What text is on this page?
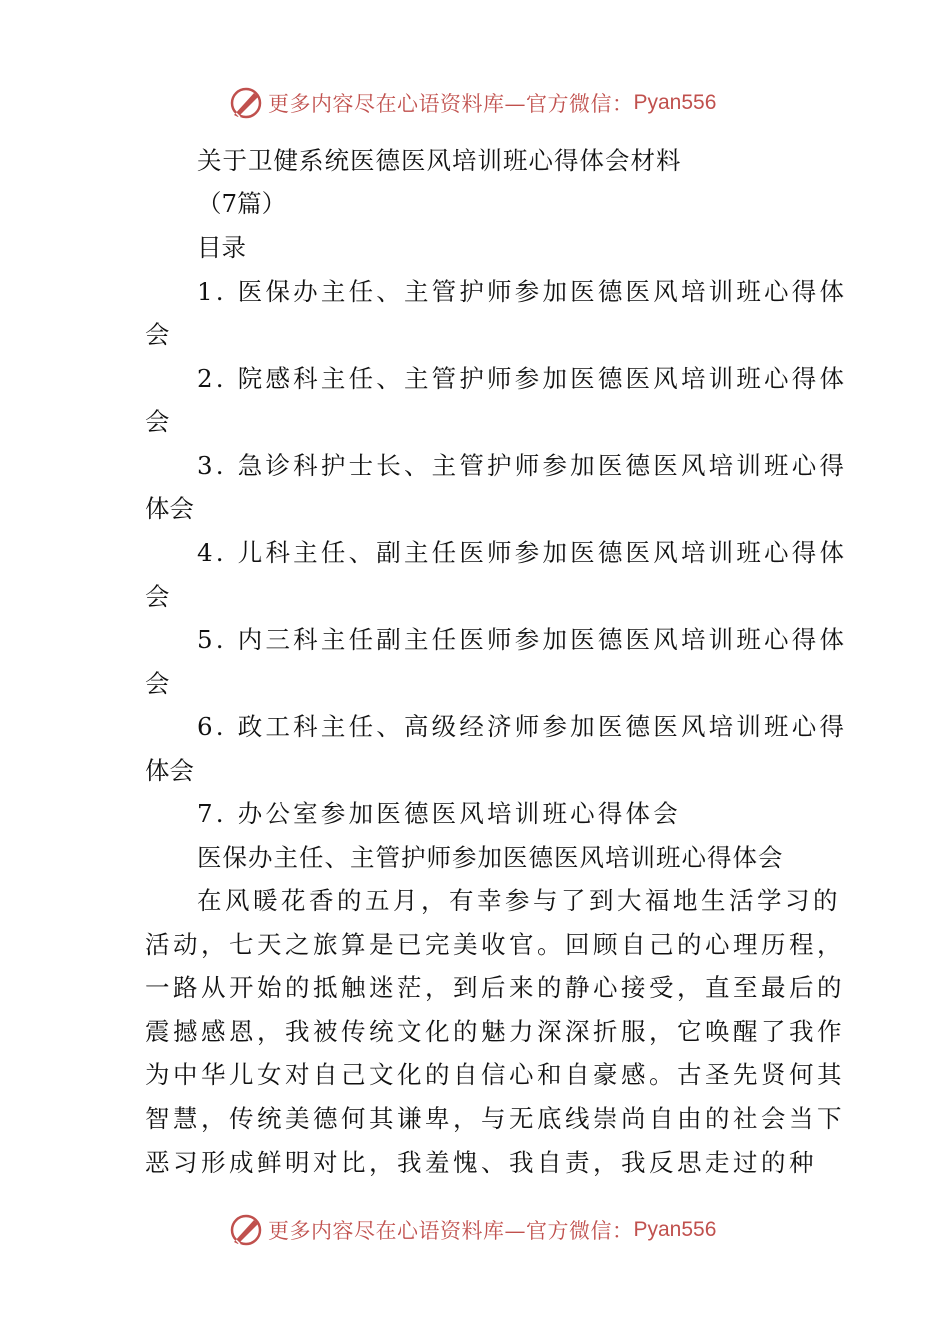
更多内容尽在心语资料库—官方微信： Pyan556
关于卫健系统医德医风培训班心得体会材料
（7篇）
目录
1. 医保办主任、主管护师参加医德医风培训班心得体
会
2. 院感科主任、主管护师参加医德医风培训班心得体
会
3. 急诊科护士长、主管护师参加医德医风培训班心得
体会
4. 儿科主任、副主任医师参加医德医风培训班心得体
会
5. 内三科主任副主任医师参加医德医风培训班心得体
会
6. 政工科主任、高级经济师参加医德医风培训班心得
体会
7. 办公室参加医德医风培训班心得体会
医保办主任、主管护师参加医德医风培训班心得体会
在风暖花香的五月，有幸参与了到大福地生活学习的
活动，七天之旅算是已完美收官。回顾自己的心理历程，
一路从开始的抵触迷茫，到后来的静心接受，直至最后的
震撼感恩，我被传统文化的魅力深深折服，它唤醒了我作
为中华儿女对自己文化的自信心和自豪感。古圣先贤何其
智慧，传统美德何其谦卑，与无底线崇尚自由的社会当下
恶习形成鲜明对比，我羞愧、我自责，我反思走过的种
更多内容尽在心语资料库—官方微信： Pyan556
